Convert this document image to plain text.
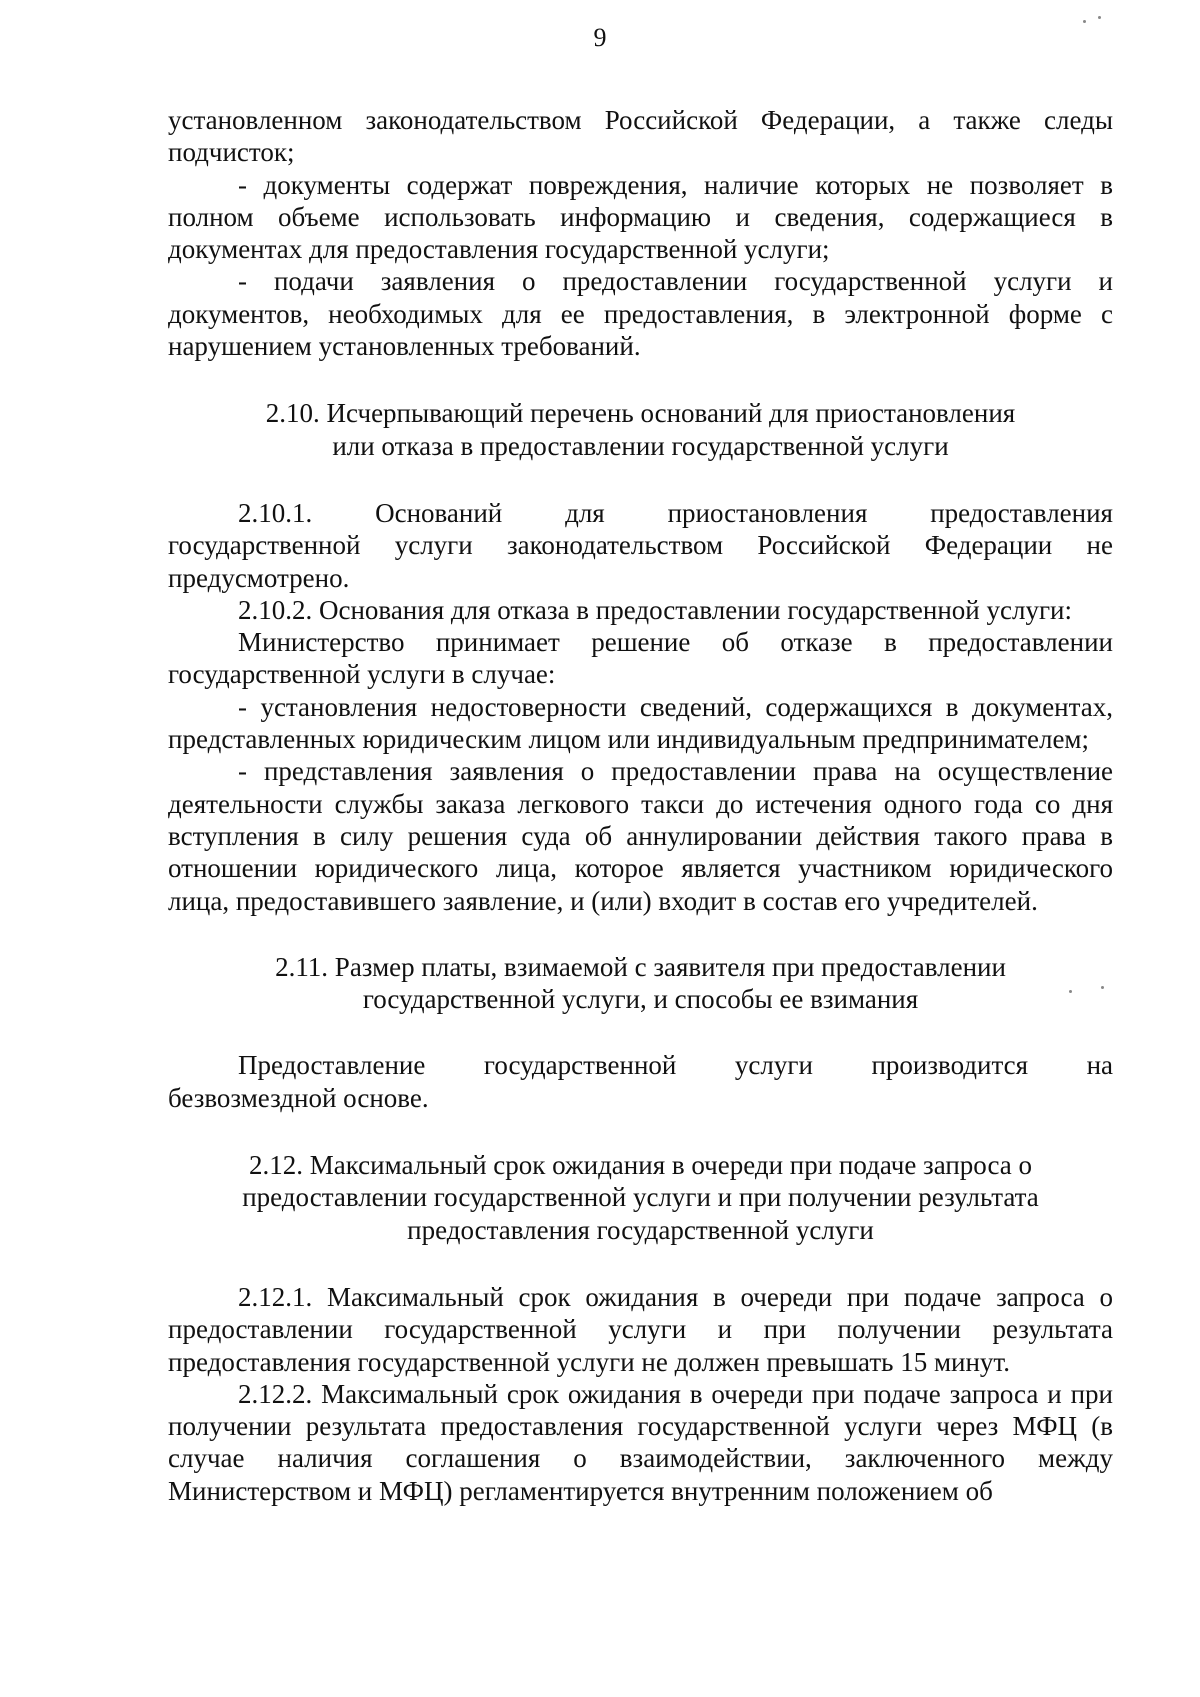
9

установленном законодательством Российской Федерации, а также следы подчисток;

- документы содержат повреждения, наличие которых не позволяет в полном объеме использовать информацию и сведения, содержащиеся в документах для предоставления государственной услуги;

- подачи заявления о предоставлении государственной услуги и документов, необходимых для ее предоставления, в электронной форме с нарушением установленных требований.

2.10. Исчерпывающий перечень оснований для приостановления
или отказа в предоставлении государственной услуги
2.10.1. Оснований для приостановления предоставления

государственной услуги законодательством Российской Федерации не предусмотрено.

2.10.2. Основания для отказа в предоставлении государственной услуги:

Министерство принимает решение об отказе в предоставлении государственной услуги в случае:

- установления недостоверности сведений, содержащихся в документах, представленных юридическим лицом или индивидуальным предпринимателем;

- представления заявления о предоставлении права на осуществление деятельности службы заказа легкового такси до истечения одного года со дня вступления в силу решения суда об аннулировании действия такого права в отношении юридического лица, которое является участником юридического лица, предоставившего заявление, и (или) входит в состав его учредителей.

2.11. Размер платы, взимаемой с заявителя при предоставлении
государственной услуги, и способы ее взимания
Предоставление государственной услуги производится на

безвозмездной основе.

2.12. Максимальный срок ожидания в очереди при подаче запроса о
предоставлении государственной услуги и при получении результата
предоставления государственной услуги

2.12.1. Максимальный срок ожидания в очереди при подаче запроса о предоставлении государственной услуги и при получении результата предоставления государственной услуги не должен превышать 15 минут.

2.12.2. Максимальный срок ожидания в очереди при подаче запроса и при получении результата предоставления государственной услуги через МФЦ (в случае наличия соглашения о взаимодействии, заключенного между Министерством и МФЦ) регламентируется внутренним положением об
